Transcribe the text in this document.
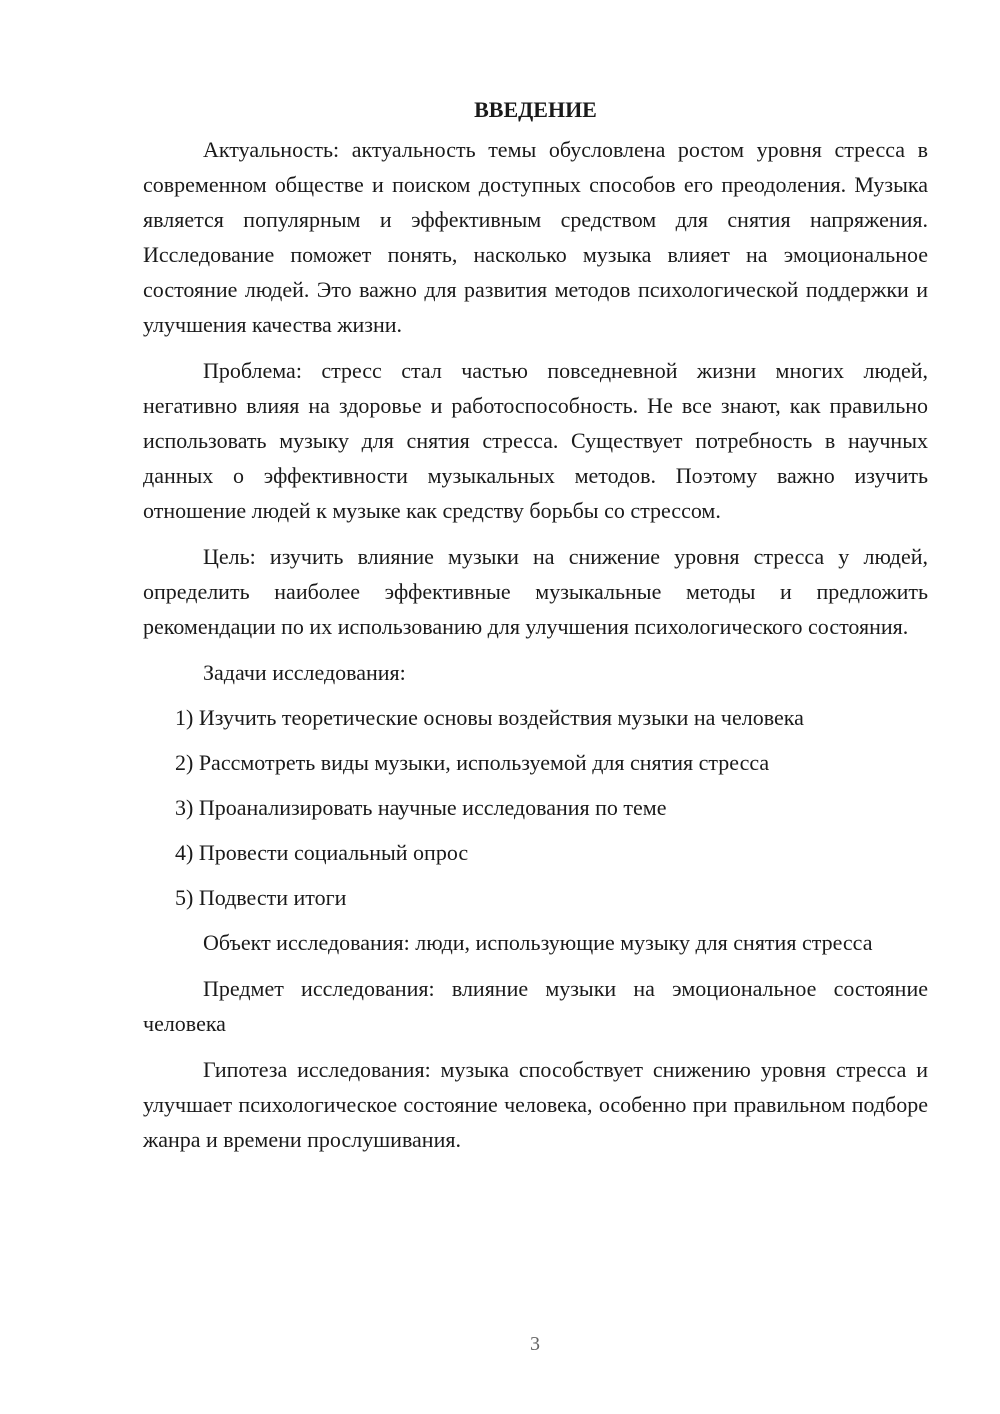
ВВЕДЕНИЕ

Актуальность: актуальность темы обусловлена ростом уровня стресса в современном обществе и поиском доступных способов его преодоления. Музыка является популярным и эффективным средством для снятия напряжения. Исследование поможет понять, насколько музыка влияет на эмоциональное состояние людей. Это важно для развития методов психологической поддержки и улучшения качества жизни.

Проблема: стресс стал частью повседневной жизни многих людей, негативно влияя на здоровье и работоспособность. Не все знают, как правильно использовать музыку для снятия стресса. Существует потребность в научных данных о эффективности музыкальных методов. Поэтому важно изучить отношение людей к музыке как средству борьбы со стрессом.

Цель: изучить влияние музыки на снижение уровня стресса у людей, определить наиболее эффективные музыкальные методы и предложить рекомендации по их использованию для улучшения психологического состояния.

Задачи исследования:

1) Изучить теоретические основы воздействия музыки на человека
2) Рассмотреть виды музыки, используемой для снятия стресса
3) Проанализировать научные исследования по теме
4) Провести социальный опрос
5) Подвести итоги

Объект исследования: люди, использующие музыку для снятия стресса

Предмет исследования: влияние музыки на эмоциональное состояние человека

Гипотеза исследования: музыка способствует снижению уровня стресса и улучшает психологическое состояние человека, особенно при правильном подборе жанра и времени прослушивания.

3
